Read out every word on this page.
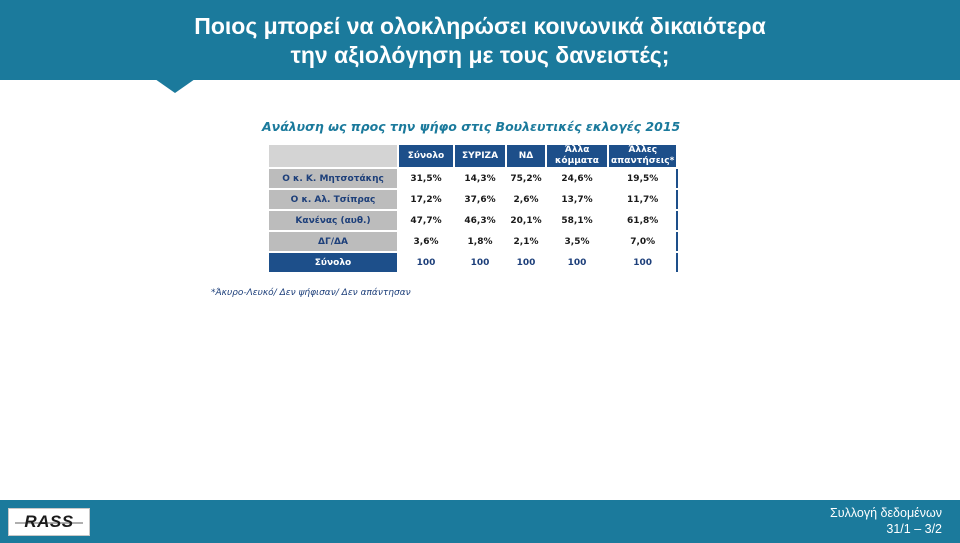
Ποιος μπορεί να ολοκληρώσει κοινωνικά δικαιότερα
την αξιολόγηση με τους δανειστές;
Ανάλυση ως προς την ψήφο στις Βουλευτικές εκλογές 2015
	Σύνολο	ΣΥΡΙΖΑ	ΝΔ	Άλλα κόμματα	Άλλες απαντήσεις*
Ο κ. Κ. Μητσοτάκης	31,5%	14,3%	75,2%	24,6%	19,5%
Ο κ. Αλ. Τσίπρας	17,2%	37,6%	2,6%	13,7%	11,7%
Κανένας (αυθ.)	47,7%	46,3%	20,1%	58,1%	61,8%
ΔΓ/ΔΑ	3,6%	1,8%	2,1%	3,5%	7,0%
Σύνολο	100	100	100	100	100
*Άκυρο-Λευκό/ Δεν ψήφισαν/ Δεν απάντησαν
RASS	Συλλογή δεδομένων
31/1 – 3/2
